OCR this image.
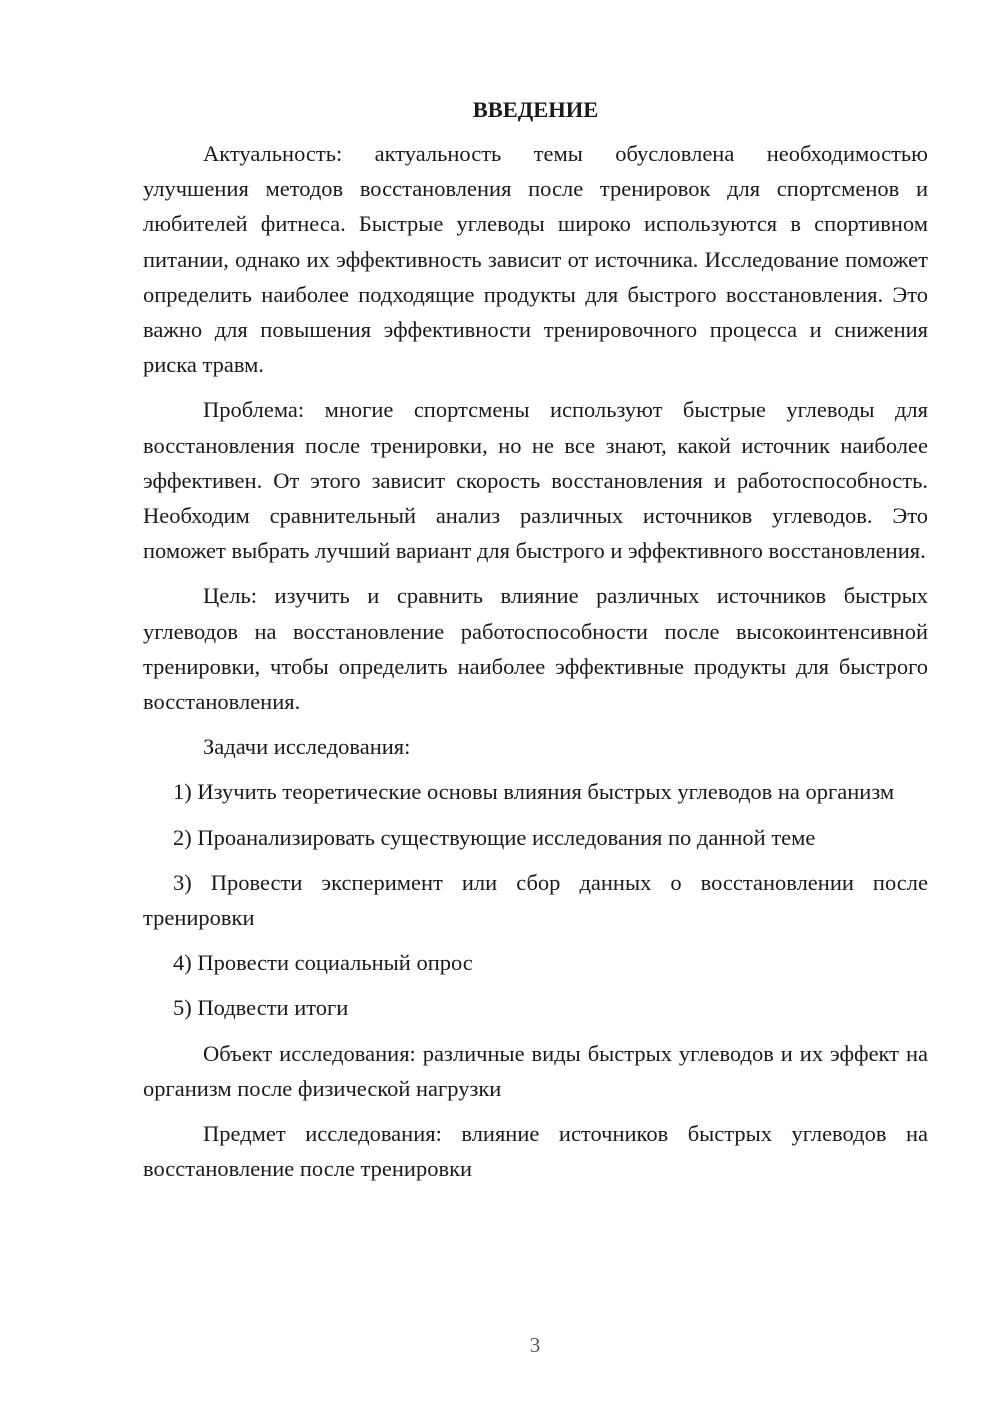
ВВЕДЕНИЕ

Актуальность: актуальность темы обусловлена необходимостью улучшения методов восстановления после тренировок для спортсменов и любителей фитнеса. Быстрые углеводы широко используются в спортивном питании, однако их эффективность зависит от источника. Исследование поможет определить наиболее подходящие продукты для быстрого восстановления. Это важно для повышения эффективности тренировочного процесса и снижения риска травм.

Проблема: многие спортсмены используют быстрые углеводы для восстановления после тренировки, но не все знают, какой источник наиболее эффективен. От этого зависит скорость восстановления и работоспособность. Необходим сравнительный анализ различных источников углеводов. Это поможет выбрать лучший вариант для быстрого и эффективного восстановления.

Цель: изучить и сравнить влияние различных источников быстрых углеводов на восстановление работоспособности после высокоинтенсивной тренировки, чтобы определить наиболее эффективные продукты для быстрого восстановления.

Задачи исследования:

1) Изучить теоретические основы влияния быстрых углеводов на организм

2) Проанализировать существующие исследования по данной теме

3) Провести эксперимент или сбор данных о восстановлении после тренировки

4) Провести социальный опрос

5) Подвести итоги

Объект исследования: различные виды быстрых углеводов и их эффект на организм после физической нагрузки

Предмет исследования: влияние источников быстрых углеводов на восстановление после тренировки

3
